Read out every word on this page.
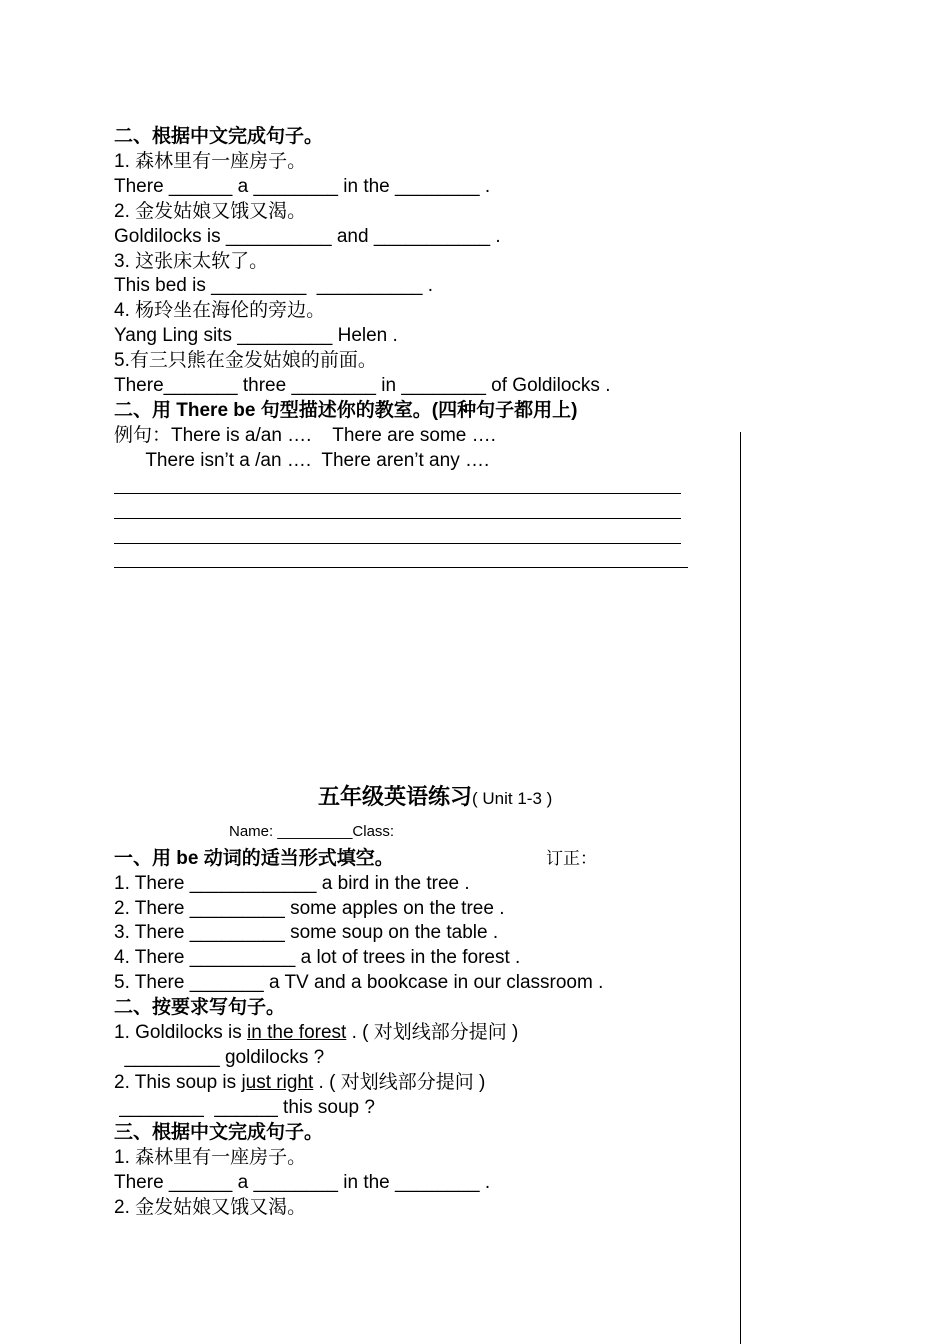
二、根据中文完成句子。
1. 森林里有一座房子。
There ______ a ________ in the ________ .
2. 金发姑娘又饿又渴。
Goldilocks is __________ and ___________ .
3. 这张床太软了。
This bed is _________  __________ .
4. 杨玲坐在海伦的旁边。
Yang Ling sits _________ Helen .
5.有三只熊在金发姑娘的前面。
There_______ three ________ in ________ of Goldilocks .
二、用 There be 句型描述你的教室。(四种句子都用上)
例句：There is a/an ….    There are some ….
There isn’t a /an ….  There aren’t any ….
五年级英语练习( Unit 1-3 )
Name: _________Class:
一、用 be 动词的适当形式填空。	订正：
1. There ____________ a bird in the tree .
2. There _________ some apples on the tree .
3. There _________ some soup on the table .
4. There __________ a lot of trees in the forest .
5. There _______ a TV and a bookcase in our classroom .
二、按要求写句子。
1. Goldilocks is in the forest . ( 对划线部分提问 )
_________ goldilocks ?
2. This soup is just right . ( 对划线部分提问 )
________  ______ this soup ?
三、根据中文完成句子。
1. 森林里有一座房子。
There ______ a ________ in the ________ .
2. 金发姑娘又饿又渴。
